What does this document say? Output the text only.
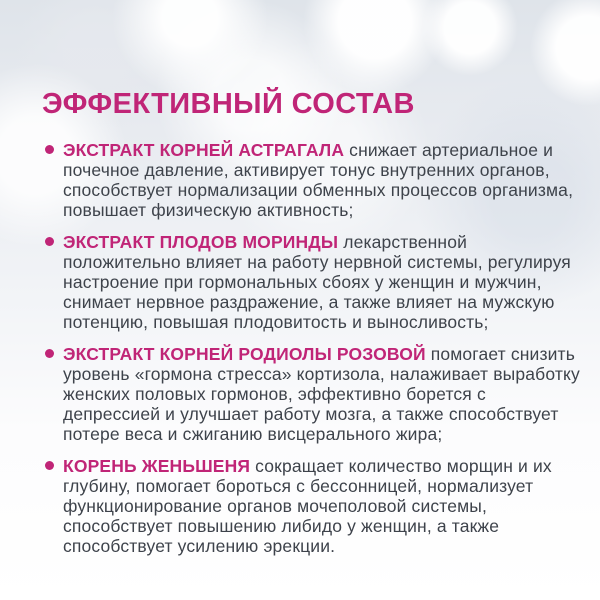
ЭФФЕКТИВНЫЙ СОСТАВ

ЭКСТРАКТ КОРНЕЙ АСТРАГАЛА снижает артериальное и почечное давление, активирует тонус внутренних органов, способствует нормализации обменных процессов организма, повышает физическую активность;

ЭКСТРАКТ ПЛОДОВ МОРИНДЫ лекарственной положительно влияет на работу нервной системы, регулируя настроение при гормональных сбоях у женщин и мужчин, снимает нервное раздражение, а также влияет на мужскую потенцию, повышая плодовитость и выносливость;

ЭКСТРАКТ КОРНЕЙ РОДИОЛЫ РОЗОВОЙ помогает снизить уровень «гормона стресса» кортизола, налаживает выработку женских половых гормонов, эффективно борется с депрессией и улучшает работу мозга, а также способствует потере веса и сжиганию висцерального жира;

КОРЕНЬ ЖЕНЬШЕНЯ сокращает количество морщин и их глубину, помогает бороться с бессонницей, нормализует функционирование органов мочеполовой системы, способствует повышению либидо у женщин, а также способствует усилению эрекции.
